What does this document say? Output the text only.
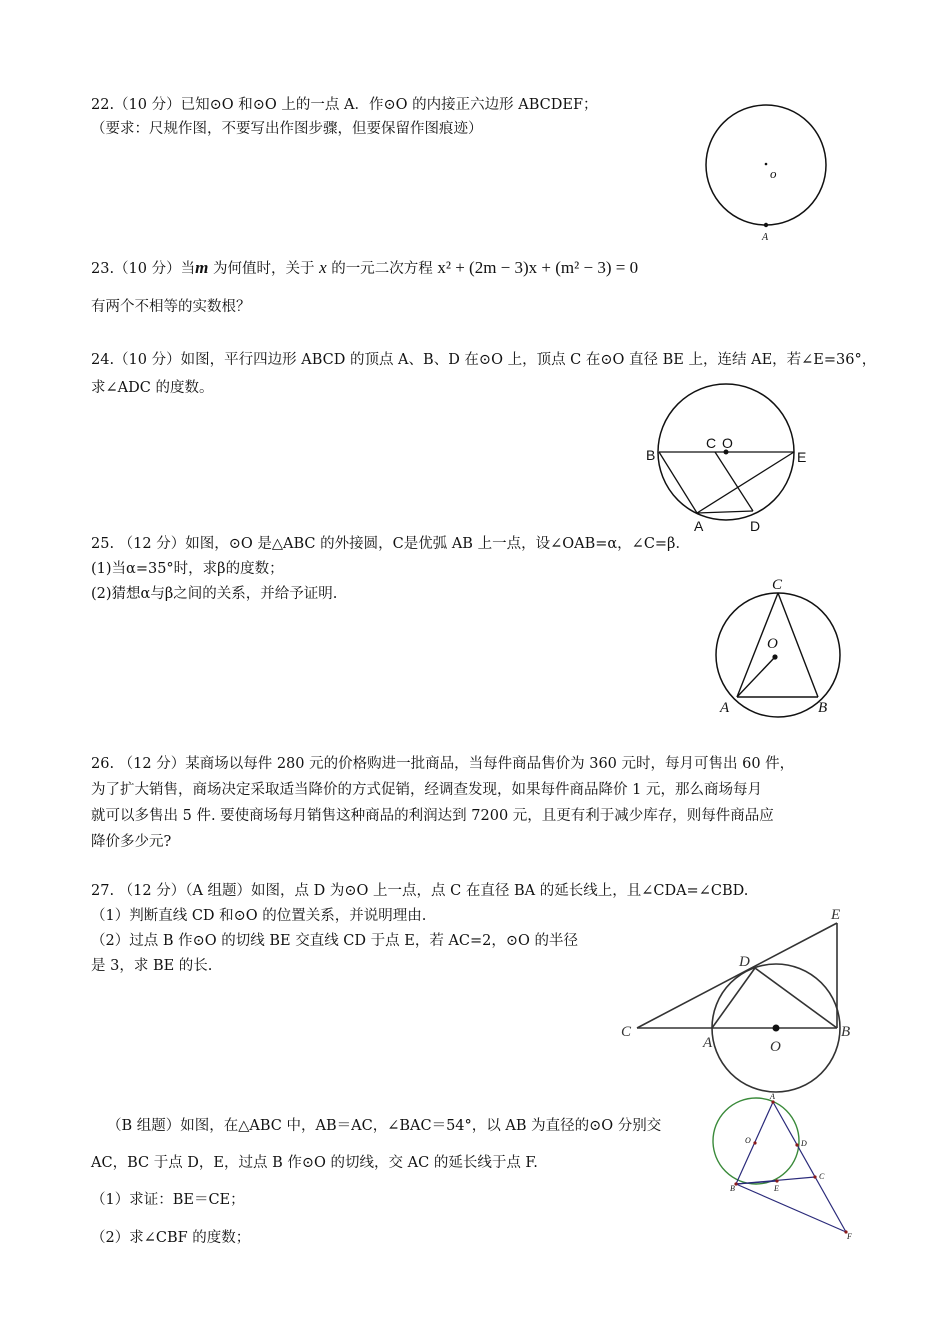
22.（10 分）已知⊙O 和⊙O 上的一点 A．作⊙O 的内接正六边形 ABCDEF；
（要求：尺规作图，不要写出作图步骤，但要保留作图痕迹）
o
A
23.（10 分）当m 为何值时，关于 x 的一元二次方程 x² + (2m − 3)x + (m² − 3) = 0
有两个不相等的实数根？
24.（10 分）如图，平行四边形 ABCD 的顶点 A、B、D 在⊙O 上，顶点 C 在⊙O 直径 BE 上，连结 AE，若∠E=36°，
求∠ADC 的度数。
B
C O
E
A	D
25. （12 分）如图，⊙O 是△ABC 的外接圆，C是优弧 AB 上一点，设∠OAB=α，∠C=β．
(1)当α=35°时，求β的度数；
(2)猜想α与β之间的关系，并给予证明.
C
O
A	B
26. （12 分）某商场以每件 280 元的价格购进一批商品，当每件商品售价为 360 元时，每月可售出 60 件，
为了扩大销售，商场决定采取适当降价的方式促销，经调查发现，如果每件商品降价 1 元，那么商场每月
就可以多售出 5 件. 要使商场每月销售这种商品的利润达到 7200 元，且更有利于减少库存，则每件商品应
降价多少元?
27. （12 分）（A 组题）如图，点 D 为⊙O 上一点，点 C 在直径 BA 的延长线上，且∠CDA=∠CBD.
（1）判断直线 CD 和⊙O 的位置关系，并说明理由.
（2）过点 B 作⊙O 的切线 BE 交直线 CD 于点 E，若 AC=2，⊙O 的半径
是 3，求 BE 的长.
E
D
C
A	O
B
（B 组题）如图，在△ABC 中，AB＝AC，∠BAC＝54°，以 AB 为直径的⊙O 分别交
AC，BC 于点 D，E，过点 B 作⊙O 的切线，交 AC 的延长线于点 F.
（1）求证：BE＝CE；
（2）求∠CBF 的度数；
A
O	D
C
B	E
F
